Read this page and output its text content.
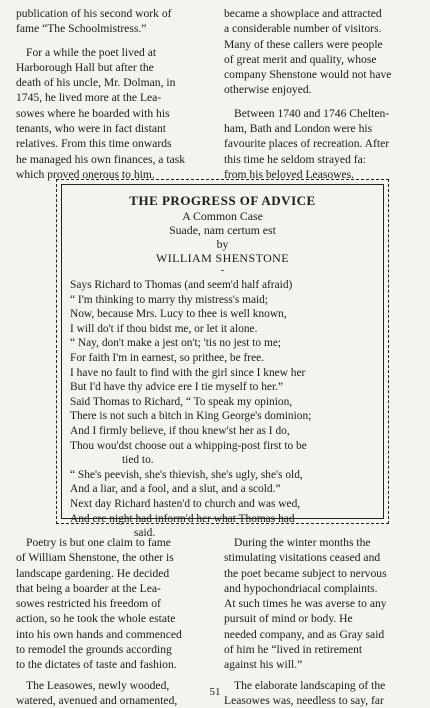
publication of his second work of
fame “The Schoolmistress.”
For a while the poet lived at
Harborough Hall but after the
death of his uncle, Mr. Dolman, in
1745, he lived more at the Lea-
sowes where he boarded with his
tenants, who were in fact distant
relatives. From this time onwards
he managed his own finances, a task
which proved onerous to him.
became a showplace and attracted
a considerable number of visitors.
Many of these callers were people
of great merit and quality, whose
company Shenstone would not have
otherwise enjoyed.
Between 1740 and 1746 Chelten-
ham, Bath and London were his
favourite places of recreation. After
this time he seldom strayed fa:
from his beloved Leasowes.
THE PROGRESS OF ADVICE
A Common Case
Suade, nam certum est
by
WILLIAM SHENSTONE
-
Says Richard to Thomas (and seem'd half afraid)
“ I'm thinking to marry thy mistress's maid;
Now, because Mrs. Lucy to thee is well known,
I will do't if thou bidst me, or let it alone.
“ Nay, don't make a jest on't; 'tis no jest to me;
For faith I'm in earnest, so prithee, be free.
I have no fault to find with the girl since I knew her
But I'd have thy advice ere I tie myself to her.”
Said Thomas to Richard, “ To speak my opinion,
There is not such a bitch in King George's dominion;
And I firmly believe, if thou knew'st her as I do,
Thou wou'dst choose out a whipping-post first to be
tied to.
“ She's peevish, she's thievish, she's ugly, she's old,
And a liar, and a fool, and a slut, and a scold.”
Next day Richard hasten'd to church and was wed,
And ere night had inform'd her what Thomas had
said.
Poetry is but one claim to fame
of William Shenstone, the other is
landscape gardening. He decided
that being a boarder at the Lea-
sowes restricted his freedom of
action, so he took the whole estate
into his own hands and commenced
to remodel the grounds according
to the dictates of taste and fashion.
The Leasowes, newly wooded,
watered, avenued and ornamented,
During the winter months the
stimulating visitations ceased and
the poet became subject to nervous
and hypochondriacal complaints.
At such times he was averse to any
pursuit of mind or body. He
needed company, and as Gray said
of him he “lived in retirement
against his will.”
The elaborate landscaping of the
Leasowes was, needless to say, far
51
